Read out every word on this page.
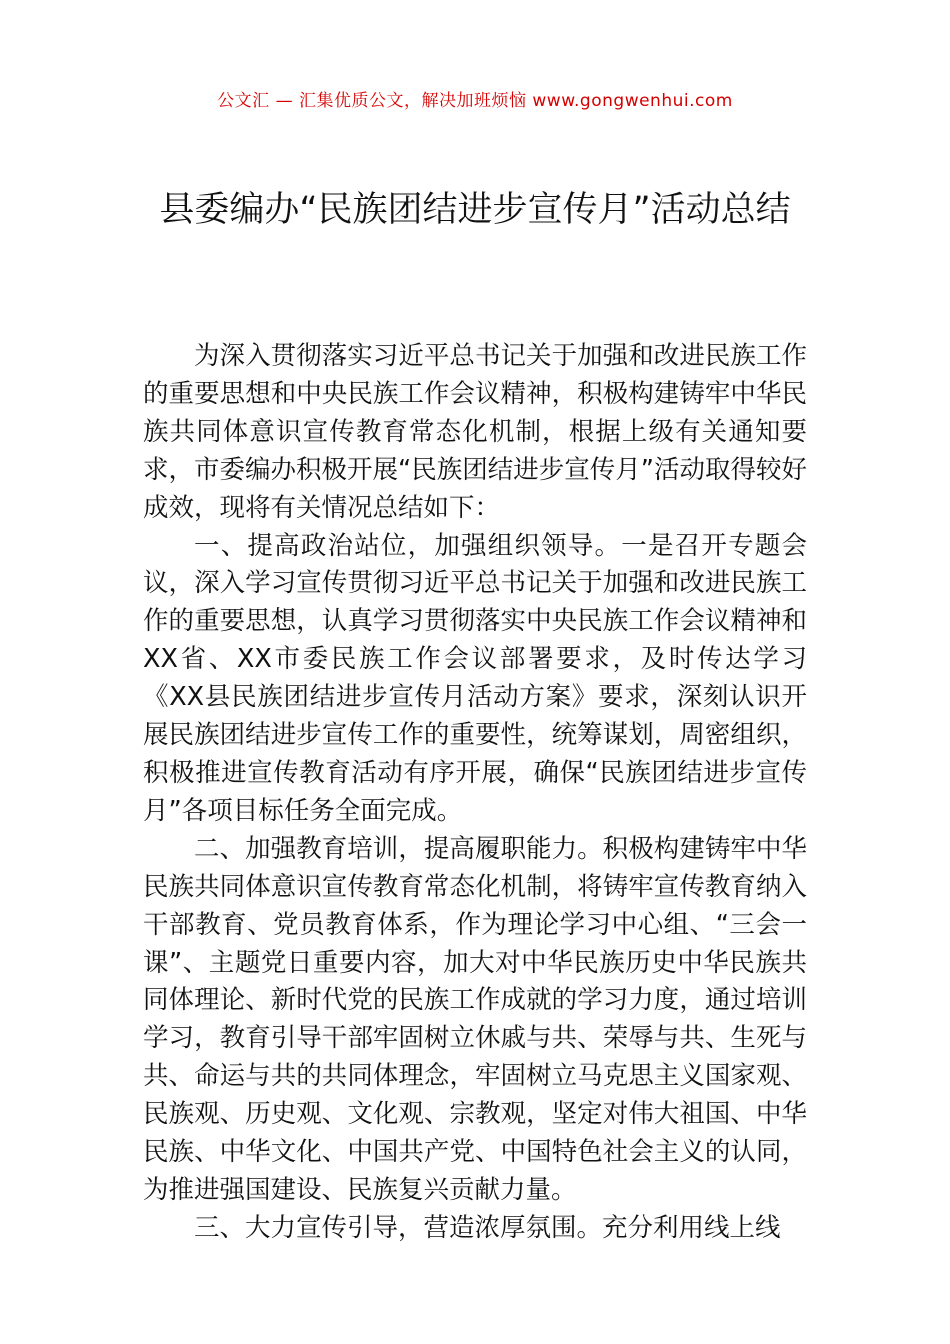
公文汇 — 汇集优质公文，解决加班烦恼 www.gongwenhui.com
县委编办“民族团结进步宣传月”活动总结

为深入贯彻落实习近平总书记关于加强和改进民族工作的重要思想和中央民族工作会议精神，积极构建铸牢中华民族共同体意识宣传教育常态化机制，根据上级有关通知要求，市委编办积极开展“民族团结进步宣传月”活动取得较好成效，现将有关情况总结如下：

一、提高政治站位，加强组织领导。一是召开专题会议，深入学习宣传贯彻习近平总书记关于加强和改进民族工作的重要思想，认真学习贯彻落实中央民族工作会议精神和XX省、XX市委民族工作会议部署要求，及时传达学习《XX县民族团结进步宣传月活动方案》要求，深刻认识开展民族团结进步宣传工作的重要性，统筹谋划，周密组织，积极推进宣传教育活动有序开展，确保“民族团结进步宣传月”各项目标任务全面完成。

二、加强教育培训，提高履职能力。积极构建铸牢中华民族共同体意识宣传教育常态化机制，将铸牢宣传教育纳入干部教育、党员教育体系，作为理论学习中心组、“三会一课”、主题党日重要内容，加大对中华民族历史中华民族共同体理论、新时代党的民族工作成就的学习力度，通过培训学习，教育引导干部牢固树立休戚与共、荣辱与共、生死与共、命运与共的共同体理念，牢固树立马克思主义国家观、民族观、历史观、文化观、宗教观，坚定对伟大祖国、中华民族、中华文化、中国共产党、中国特色社会主义的认同，为推进强国建设、民族复兴贡献力量。

三、大力宣传引导，营造浓厚氛围。充分利用线上线
